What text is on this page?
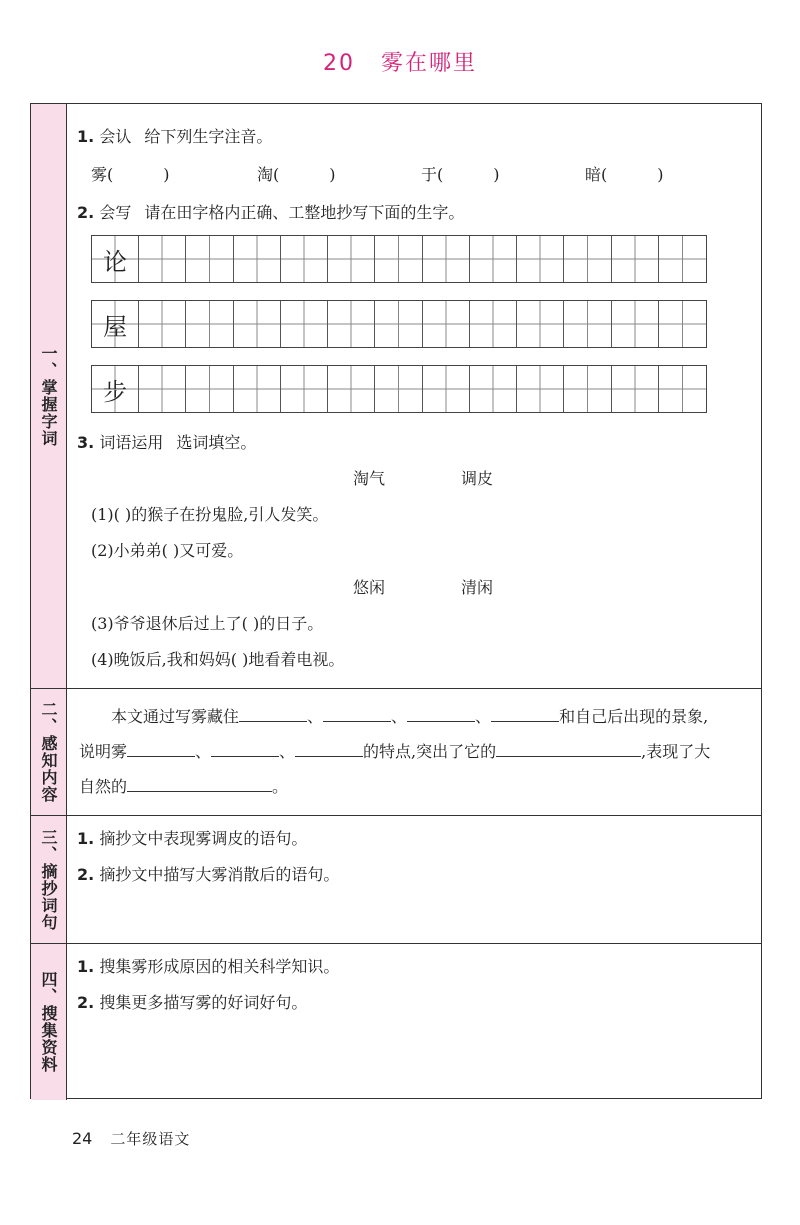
20 雾在哪里
一、掌握字词
1. 会认 给下列生字注音。
雾(	)	淘(	)	于(	)	暗(	)
2. 会写 请在田字格内正确、工整地抄写下面的生字。
论
屋
步
3. 词语运用 选词填空。
淘气	调皮
(1)( )的猴子在扮鬼脸,引人发笑。
(2)小弟弟( )又可爱。
悠闲	清闲
(3)爷爷退休后过上了( )的日子。
(4)晚饭后,我和妈妈( )地看着电视。
二、感知内容	本文通过写雾藏住	、	、	、	和自己后出现的景象,
说明雾	、	、	的特点,突出了它的	,表现了大
自然的	。
三、摘抄词句 1. 摘抄文中表现雾调皮的语句。
2. 摘抄文中描写大雾消散后的语句。
四、搜集资料
1. 搜集雾形成原因的相关科学知识。
2. 搜集更多描写雾的好词好句。
24 二年级语文
